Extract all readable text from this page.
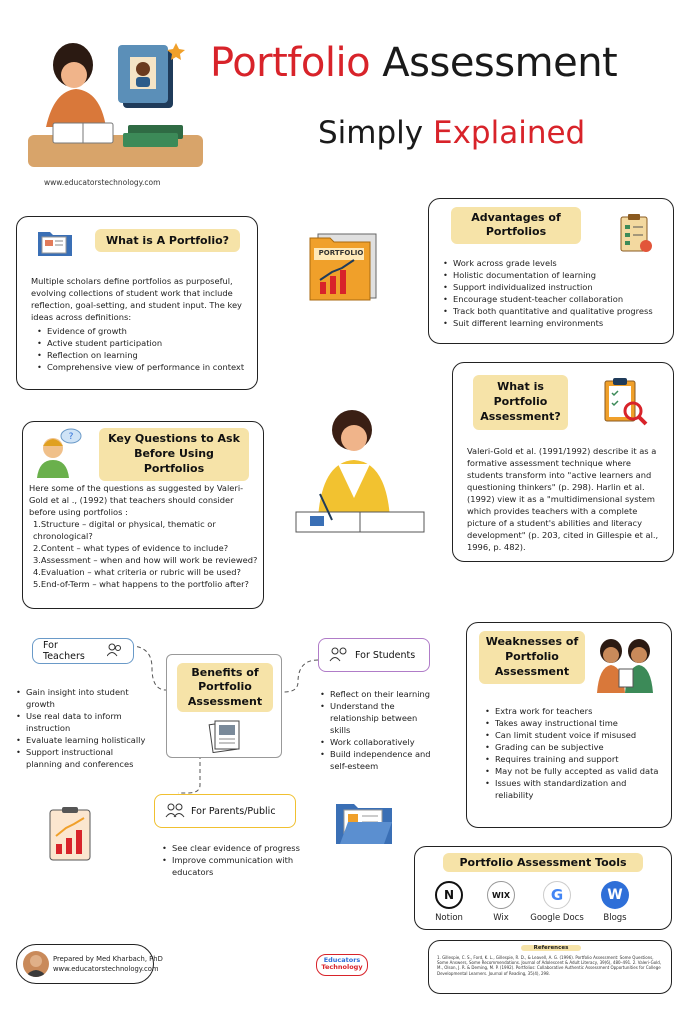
www.educatorstechnology.com
Portfolio Assessment
Simply Explained
What is A Portfolio?
Multiple scholars define portfolios as purposeful, evolving collections of student work that include reflection, goal-setting, and student input. The key ideas across definitions:
• Evidence of growth
• Active student participation
• Reflection on learning
• Comprehensive view of performance in context
PORTFOLIO
Advantages of Portfolios
• Work across grade levels
• Holistic documentation of learning
• Support individualized instruction
• Encourage student-teacher collaboration
• Track both quantitative and qualitative progress
• Suit different learning environments
What is Portfolio Assessment?
Valeri-Gold et al. (1991/1992) describe it as a formative assessment technique where students transform into "active learners and questioning thinkers" (p. 298). Harlin et al. (1992) view it as a "multidimensional system which provides teachers with a complete picture of a student's abilities and literacy development" (p. 203, cited in Gillespie et al., 1996, p. 482).
?	Key Questions to Ask Before Using Portfolios
Here some of the questions as suggested by Valeri-Gold et al ., (1992) that teachers should consider before using portfolios :
1.Structure – digital or physical, thematic or chronological?
2.Content – what types of evidence to include?
3.Assessment – when and how will work be reviewed?
4.Evaluation – what criteria or rubric will be used?
5.End-of-Term – what happens to the portfolio after?
For Teachers
• Gain insight into student growth
• Use real data to inform instruction
• Evaluate learning holistically
• Support instructional planning and conferences
Benefits of Portfolio Assessment
For Students
• Reflect on their learning
• Understand the relationship between skills
• Work collaboratively
• Build independence and self-esteem
For Parents/Public
• See clear evidence of progress
• Improve communication with educators
Weaknesses of Portfolio Assessment
• Extra work for teachers
• Takes away instructional time
• Can limit student voice if misused
• Grading can be subjective
• Requires training and support
• May not be fully accepted as valid data
• Issues with standardization and reliability
Portfolio Assessment Tools
N
Notion
WIX
Wix
G
Google Docs
W
Blogs
Prepared by Med Kharbach, PhD
www.educatorstechnology.com
Educators
Technology
References
1. Gillespie, C. S., Ford, K. L., Gillespie, R. D., & Leavell, A. G. (1996). Portfolio Assessment: Some Questions, Some Answers, Some Recommendations. Journal of Adolescent & Adult Literacy, 39(6), 480–491. 2. Valeri-Gold, M., Olson, J. R. & Deming, M. P. (1992). Portfolios: Collaborative Authentic Assessment Opportunities for College Developmental Learners. Journal of Reading, 35(4), 298.
